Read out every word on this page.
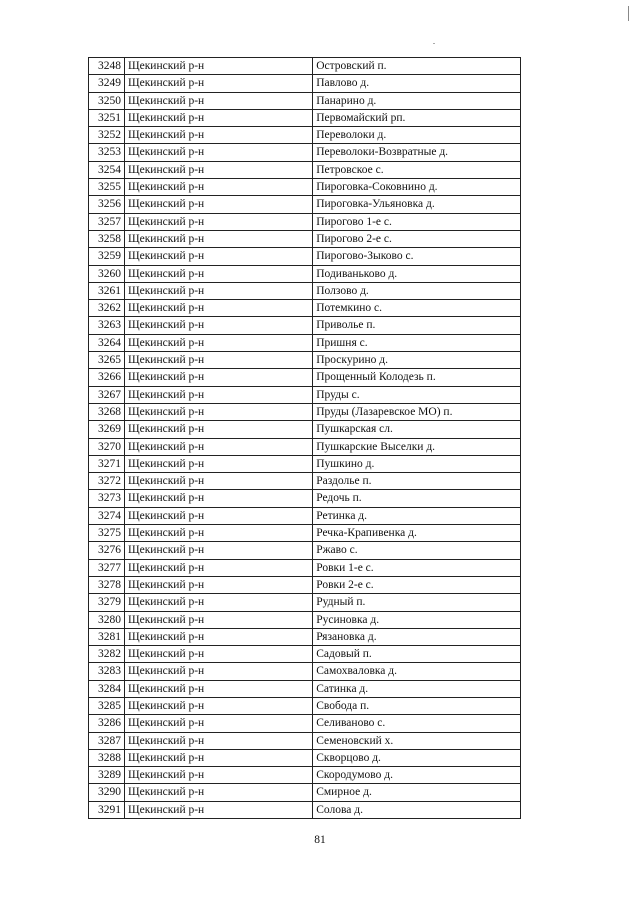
3248	Щекинский р-н	Островский п.
3249	Щекинский р-н	Павлово д.
3250	Щекинский р-н	Панарино д.
3251	Щекинский р-н	Первомайский рп.
3252	Щекинский р-н	Переволоки д.
3253	Щекинский р-н	Переволоки-Возвратные д.
3254	Щекинский р-н	Петровское с.
3255	Щекинский р-н	Пироговка-Соковнино д.
3256	Щекинский р-н	Пироговка-Ульяновка д.
3257	Щекинский р-н	Пирогово 1-е с.
3258	Щекинский р-н	Пирогово 2-е с.
3259	Щекинский р-н	Пирогово-Зыково с.
3260	Щекинский р-н	Подиваньково д.
3261	Щекинский р-н	Ползово д.
3262	Щекинский р-н	Потемкино с.
3263	Щекинский р-н	Приволье п.
3264	Щекинский р-н	Пришня с.
3265	Щекинский р-н	Проскурино д.
3266	Щекинский р-н	Прощенный Колодезь п.
3267	Щекинский р-н	Пруды с.
3268	Щекинский р-н	Пруды (Лазаревское МО) п.
3269	Щекинский р-н	Пушкарская сл.
3270	Щекинский р-н	Пушкарские Выселки д.
3271	Щекинский р-н	Пушкино д.
3272	Щекинский р-н	Раздолье п.
3273	Щекинский р-н	Редочь п.
3274	Щекинский р-н	Ретинка д.
3275	Щекинский р-н	Речка-Крапивенка д.
3276	Щекинский р-н	Ржаво с.
3277	Щекинский р-н	Ровки 1-е с.
3278	Щекинский р-н	Ровки 2-е с.
3279	Щекинский р-н	Рудный п.
3280	Щекинский р-н	Русиновка д.
3281	Щекинский р-н	Рязановка д.
3282	Щекинский р-н	Садовый п.
3283	Щекинский р-н	Самохваловка д.
3284	Щекинский р-н	Сатинка д.
3285	Щекинский р-н	Свобода п.
3286	Щекинский р-н	Селиваново с.
3287	Щекинский р-н	Семеновский х.
3288	Щекинский р-н	Скворцово д.
3289	Щекинский р-н	Скородумово д.
3290	Щекинский р-н	Смирное д.
3291	Щекинский р-н	Солова д.
81
